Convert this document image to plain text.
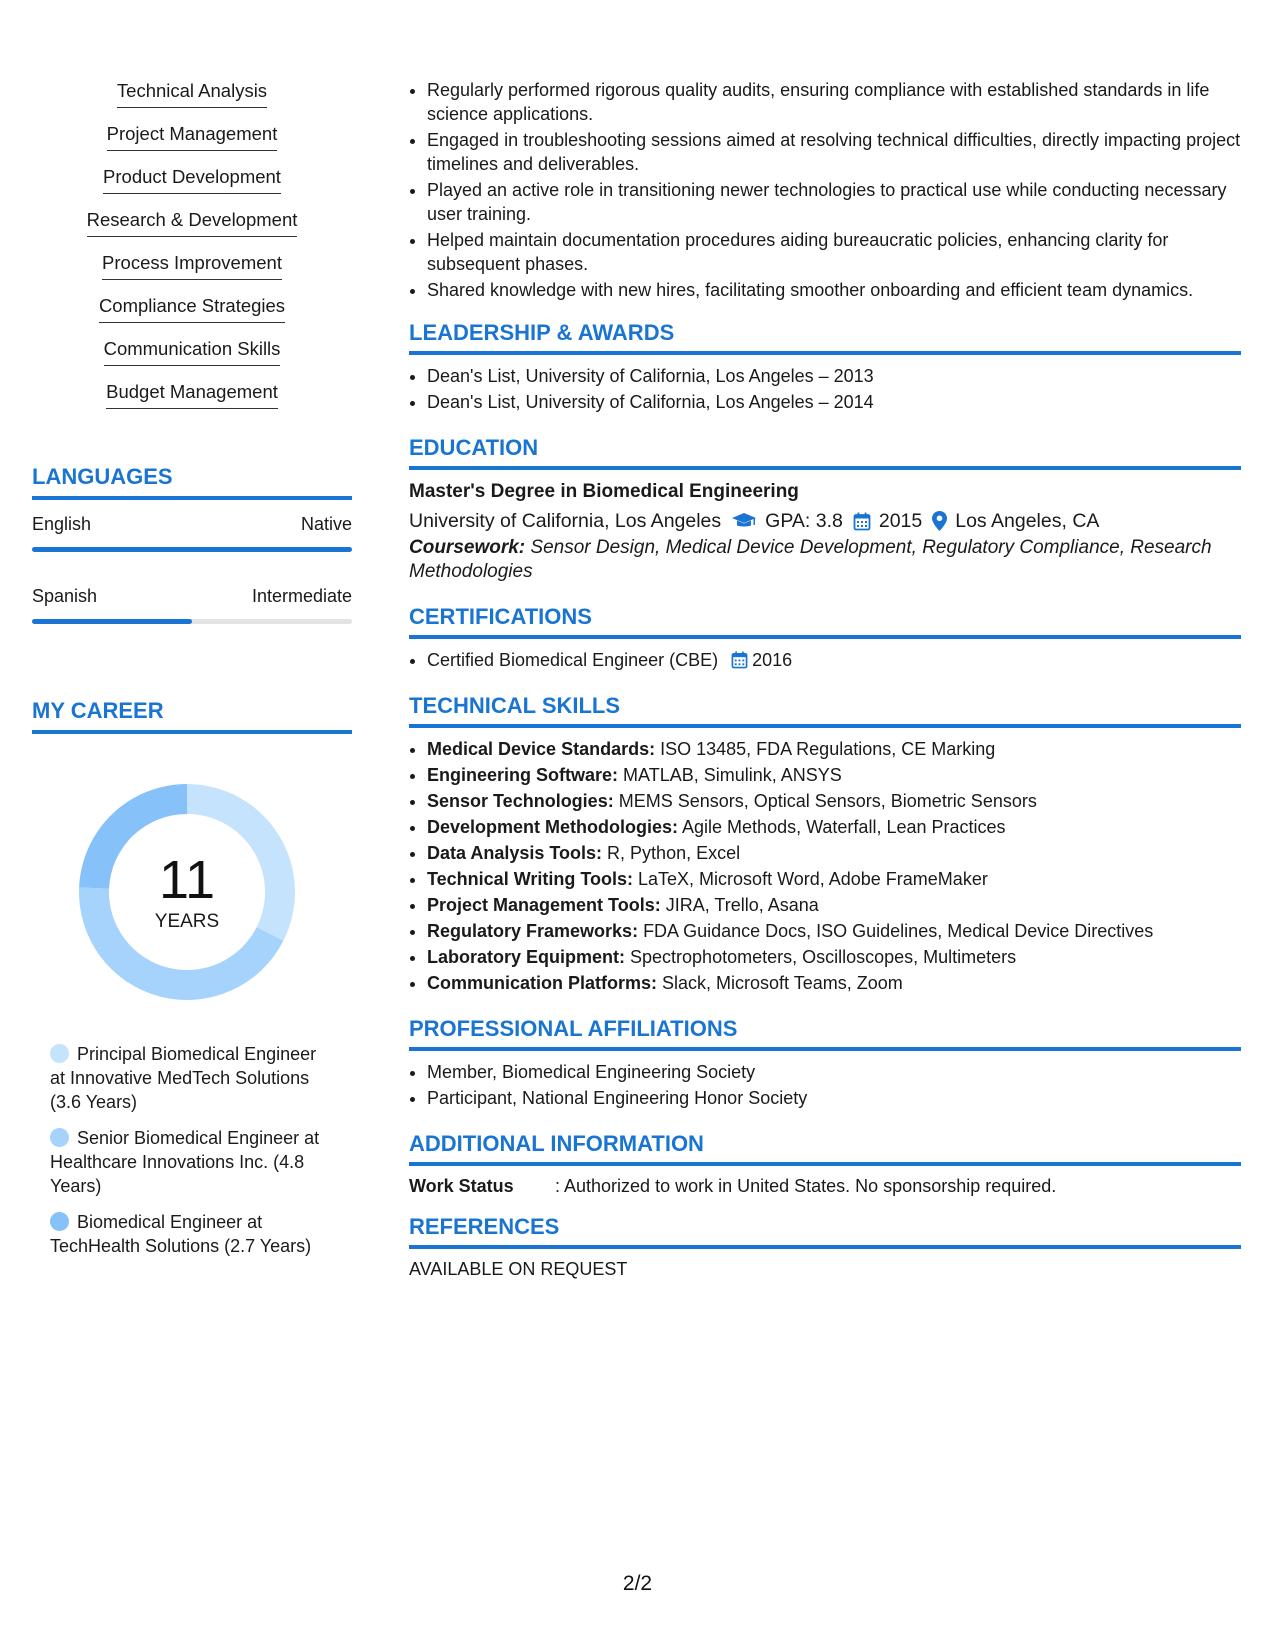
Technical Analysis
Project Management
Product Development
Research & Development
Process Improvement
Compliance Strategies
Communication Skills
Budget Management
LANGUAGES
English	Native
Spanish	Intermediate
MY CAREER
11
YEARS
Principal Biomedical Engineer at Innovative MedTech Solutions (3.6 Years)
Senior Biomedical Engineer at Healthcare Innovations Inc. (4.8 Years)
Biomedical Engineer at TechHealth Solutions (2.7 Years)
• Regularly performed rigorous quality audits, ensuring compliance with established standards in life science applications.
• Engaged in troubleshooting sessions aimed at resolving technical difficulties, directly impacting project timelines and deliverables.
• Played an active role in transitioning newer technologies to practical use while conducting necessary user training.
• Helped maintain documentation procedures aiding bureaucratic policies, enhancing clarity for subsequent phases.
• Shared knowledge with new hires, facilitating smoother onboarding and efficient team dynamics.
LEADERSHIP & AWARDS
• Dean's List, University of California, Los Angeles – 2013
• Dean's List, University of California, Los Angeles – 2014
EDUCATION
Master's Degree in Biomedical Engineering
University of California, Los Angeles GPA: 3.8 2015 Los Angeles, CA
Coursework: Sensor Design, Medical Device Development, Regulatory Compliance, Research Methodologies
CERTIFICATIONS
• Certified Biomedical Engineer (CBE) 2016
TECHNICAL SKILLS
• Medical Device Standards: ISO 13485, FDA Regulations, CE Marking
• Engineering Software: MATLAB, Simulink, ANSYS
• Sensor Technologies: MEMS Sensors, Optical Sensors, Biometric Sensors
• Development Methodologies: Agile Methods, Waterfall, Lean Practices
• Data Analysis Tools: R, Python, Excel
• Technical Writing Tools: LaTeX, Microsoft Word, Adobe FrameMaker
• Project Management Tools: JIRA, Trello, Asana
• Regulatory Frameworks: FDA Guidance Docs, ISO Guidelines, Medical Device Directives
• Laboratory Equipment: Spectrophotometers, Oscilloscopes, Multimeters
• Communication Platforms: Slack, Microsoft Teams, Zoom
PROFESSIONAL AFFILIATIONS
• Member, Biomedical Engineering Society
• Participant, National Engineering Honor Society
ADDITIONAL INFORMATION
Work Status	: Authorized to work in United States. No sponsorship required.
REFERENCES
AVAILABLE ON REQUEST
2/2
